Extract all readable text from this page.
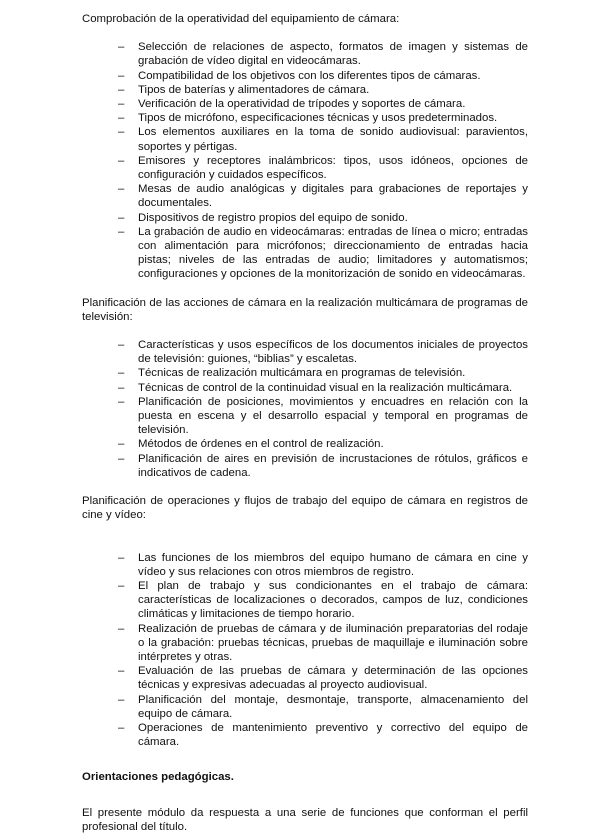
Comprobación de la operatividad del equipamiento de cámara:

– Selección de relaciones de aspecto, formatos de imagen y sistemas de grabación de vídeo digital en videocámaras.
– Compatibilidad de los objetivos con los diferentes tipos de cámaras.
– Tipos de baterías y alimentadores de cámara.
– Verificación de la operatividad de trípodes y soportes de cámara.
– Tipos de micrófono, especificaciones técnicas y usos predeterminados.
– Los elementos auxiliares en la toma de sonido audiovisual: paravientos, soportes y pértigas.
– Emisores y receptores inalámbricos: tipos, usos idóneos, opciones de configuración y cuidados específicos.
– Mesas de audio analógicas y digitales para grabaciones de reportajes y documentales.
– Dispositivos de registro propios del equipo de sonido.
– La grabación de audio en videocámaras: entradas de línea o micro; entradas con alimentación para micrófonos; direccionamiento de entradas hacia pistas; niveles de las entradas de audio; limitadores y automatismos; configuraciones y opciones de la monitorización de sonido en videocámaras.

Planificación de las acciones de cámara en la realización multicámara de programas de televisión:

– Características y usos específicos de los documentos iniciales de proyectos de televisión: guiones, “biblias” y escaletas.
– Técnicas de realización multicámara en programas de televisión.
– Técnicas de control de la continuidad visual en la realización multicámara.
– Planificación de posiciones, movimientos y encuadres en relación con la puesta en escena y el desarrollo espacial y temporal en programas de televisión.
– Métodos de órdenes en el control de realización.
– Planificación de aires en previsión de incrustaciones de rótulos, gráficos e indicativos de cadena.

Planificación de operaciones y flujos de trabajo del equipo de cámara en registros de cine y vídeo:

– Las funciones de los miembros del equipo humano de cámara en cine y vídeo y sus relaciones con otros miembros de registro.
– El plan de trabajo y sus condicionantes en el trabajo de cámara: características de localizaciones o decorados, campos de luz, condiciones climáticas y limitaciones de tiempo horario.
– Realización de pruebas de cámara y de iluminación preparatorias del rodaje o la grabación: pruebas técnicas, pruebas de maquillaje e iluminación sobre intérpretes y otras.
– Evaluación de las pruebas de cámara y determinación de las opciones técnicas y expresivas adecuadas al proyecto audiovisual.
– Planificación del montaje, desmontaje, transporte, almacenamiento del equipo de cámara.
– Operaciones de mantenimiento preventivo y correctivo del equipo de cámara.

Orientaciones pedagógicas.

El presente módulo da respuesta a una serie de funciones que conforman el perfil profesional del título.
